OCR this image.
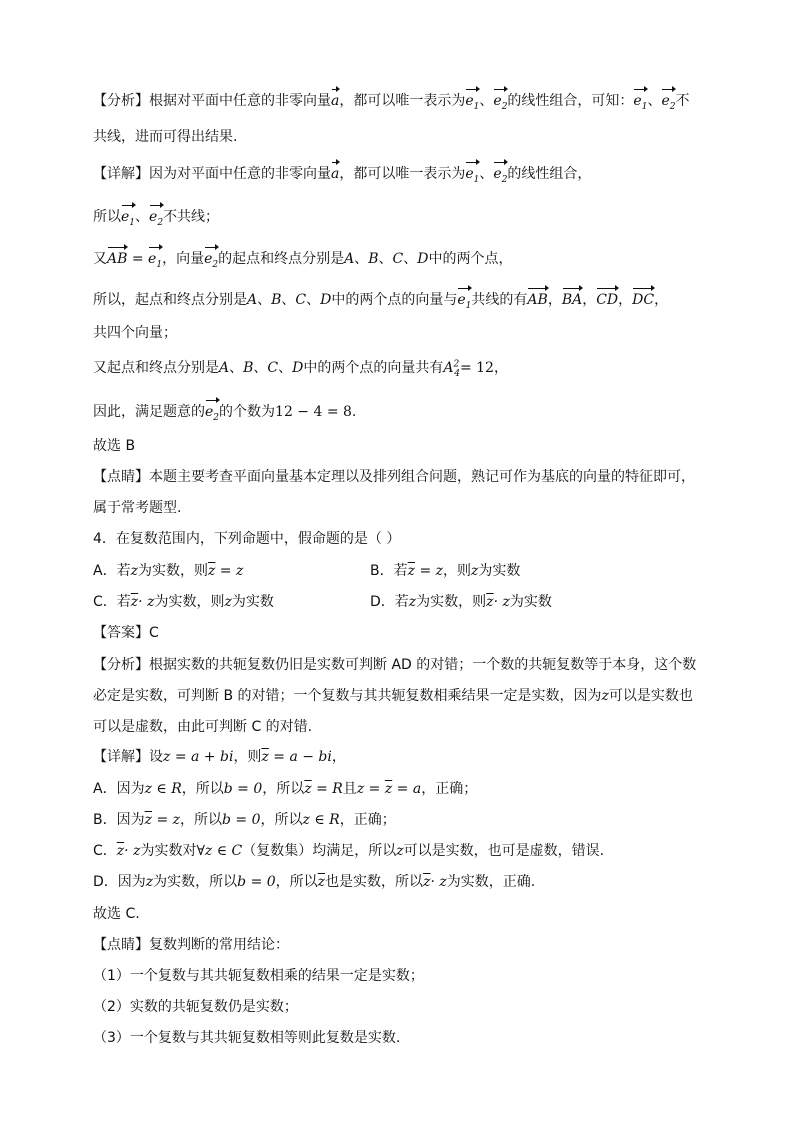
【分析】根据对平面中任意的非零向量a，都可以唯一表示为$e_1$、$e_2$的线性组合，可知：$e_1$、$e_2$不
共线，进而可得出结果.
【详解】因为对平面中任意的非零向量a，都可以唯一表示为$e_1$、$e_2$的线性组合，
所以$e_1$、$e_2$不共线；
又AB = $e_1$，向量$e_2$的起点和终点分别是A、B、C、D中的两个点，
所以，起点和终点分别是A、B、C、D中的两个点的向量与$e_1$共线的有AB，BA，CD，DC，
共四个向量；
又起点和终点分别是A、B、C、D中的两个点的向量共有$A^2_4= 12$，
因此，满足题意的$e_2$的个数为12 − 4 = 8.
故选 B
【点睛】本题主要考查平面向量基本定理以及排列组合问题，熟记可作为基底的向量的特征即可，
属于常考题型.
4．在复数范围内，下列命题中，假命题的是（ ）
A．若z为实数，则$\overline{z} = z$	B．若$\overline{z} = z$，则z为实数
C．若$\overline{z}\cdot z$为实数，则z为实数	D．若z为实数，则$\overline{z}\cdot z$为实数
【答案】C
【分析】根据实数的共轭复数仍旧是实数可判断 AD 的对错；一个数的共轭复数等于本身，这个数
必定是实数，可判断 B 的对错；一个复数与其共轭复数相乘结果一定是实数，因为z可以是实数也
可以是虚数，由此可判断 C 的对错.
【详解】设z = a + bi，则$\overline{z} = a$ − bi，
A．因为z ∈ R，所以b = 0，所以$\overline{z} = R$且$z = \overline{z} = a$，正确；
B．因为$\overline{z} = z$，所以b = 0，所以z ∈ R，正确；
C．$\overline{z}\cdot z$为实数对∀z ∈ C（复数集）均满足，所以z可以是实数，也可是虚数，错误.
D．因为z为实数，所以b = 0，所以$\overline{z}$也是实数，所以$\overline{z}\cdot z$为实数，正确.
故选 C.
【点睛】复数判断的常用结论：
（1）一个复数与其共轭复数相乘的结果一定是实数；
（2）实数的共轭复数仍是实数；
（3）一个复数与其共轭复数相等则此复数是实数.
